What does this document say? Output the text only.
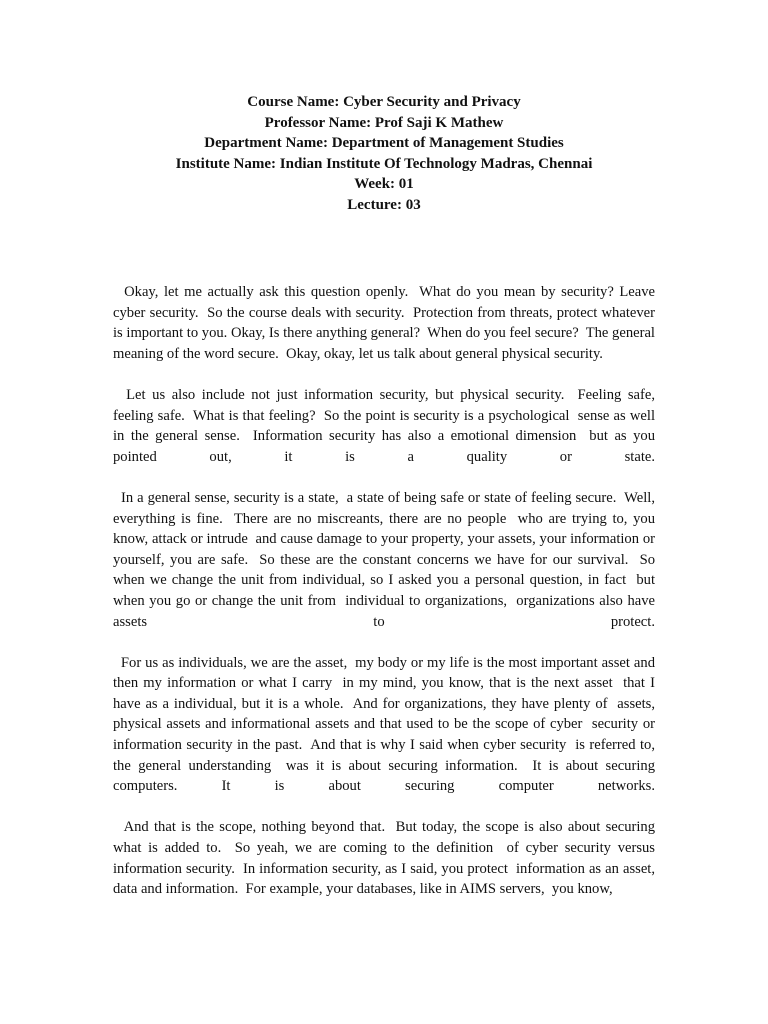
Course Name: Cyber Security and Privacy
Professor Name: Prof Saji K Mathew
Department Name: Department of Management Studies
Institute Name: Indian Institute Of Technology Madras, Chennai
Week: 01
Lecture: 03

Okay, let me actually ask this question openly.  What do you mean by security? Leave cyber security.  So the course deals with security.  Protection from threats, protect whatever is important to you. Okay, Is there anything general?  When do you feel secure?  The general meaning of the word secure.  Okay, okay, let us talk about general physical security.

Let us also include not just information security, but physical security.  Feeling safe, feeling safe.  What is that feeling?  So the point is security is a psychological  sense as well in the general sense.  Information security has also a emotional dimension  but as you pointed out, it is a quality or state.

In a general sense, security is a state,  a state of being safe or state of feeling secure.  Well, everything is fine.  There are no miscreants, there are no people  who are trying to, you know, attack or intrude  and cause damage to your property, your assets, your information or yourself, you are safe.  So these are the constant concerns we have for our survival.  So when we change the unit from individual, so I asked you a personal question, in fact  but when you go or change the unit from  individual to organizations,  organizations also have assets to protect.

For us as individuals, we are the asset,  my body or my life is the most important asset and then my information or what I carry  in my mind, you know, that is the next asset  that I have as a individual, but it is a whole.  And for organizations, they have plenty of  assets, physical assets and informational assets and that used to be the scope of cyber  security or information security in the past.  And that is why I said when cyber security  is referred to, the general understanding  was it is about securing information.  It is about securing computers. It is about securing computer networks.

And that is the scope, nothing beyond that.  But today, the scope is also about securing what is added to.  So yeah, we are coming to the definition  of cyber security versus information security.  In information security, as I said, you protect  information as an asset, data and information.  For example, your databases, like in AIMS servers,  you know,
